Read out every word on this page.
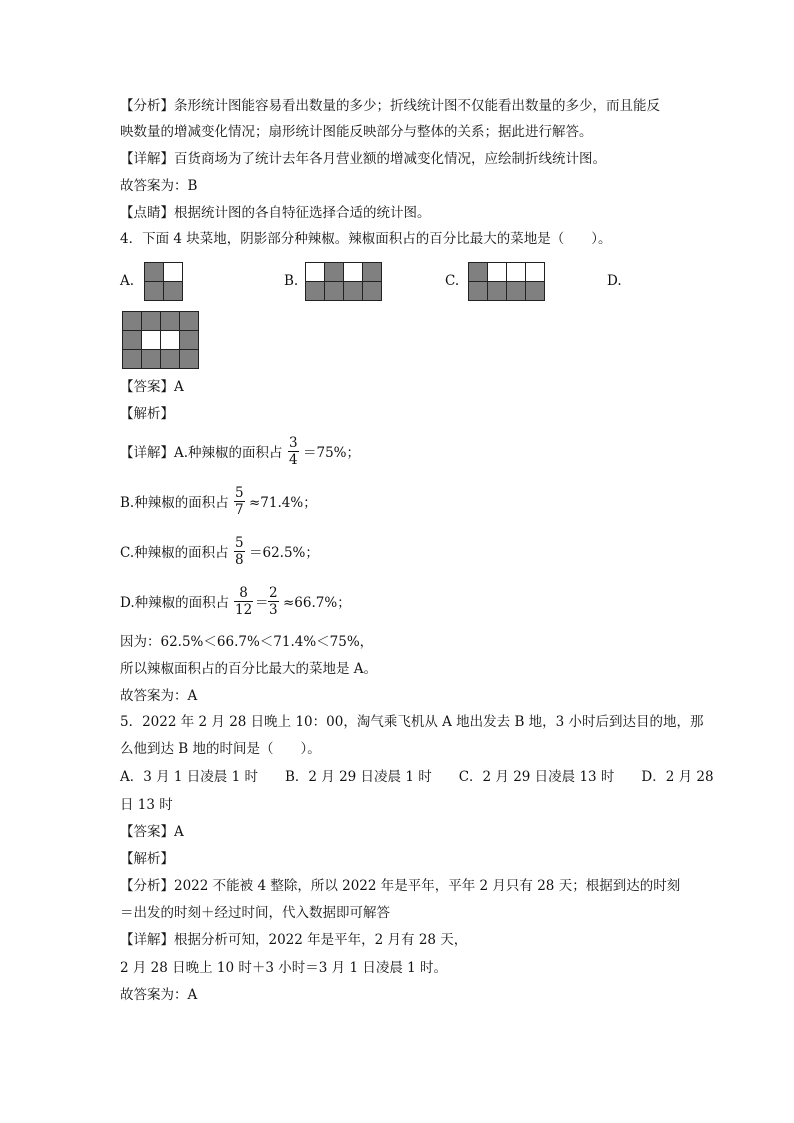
【分析】条形统计图能容易看出数量的多少；折线统计图不仅能看出数量的多少，而且能反
映数量的增减变化情况；扇形统计图能反映部分与整体的关系；据此进行解答。
【详解】百货商场为了统计去年各月营业额的增减变化情况，应绘制折线统计图。
故答案为：B
【点睛】根据统计图的各自特征选择合适的统计图。
4．下面 4 块菜地，阴影部分种辣椒。辣椒面积占的百分比最大的菜地是（　　）。
A.	B.	C.	D.
【答案】A
【解析】
【详解】A.种辣椒的面积占 $\frac{3}{4} =75\%$；
B.种辣椒的面积占 $\frac{5}{7} \approx 71.4\%$；
C.种辣椒的面积占 $\frac{5}{8} =62.5\%$；
D.种辣椒的面积占 $\frac{8}{12} = \frac{2}{3} \approx 66.7\%$；
因为：62.5%＜66.7%＜71.4%＜75%，
所以辣椒面积占的百分比最大的菜地是 A。
故答案为：A
5．2022 年 2 月 28 日晚上 10：00，淘气乘飞机从 A 地出发去 B 地，3 小时后到达目的地，那
么他到达 B 地的时间是（　　）。
A．3 月 1 日凌晨 1 时　　B．2 月 29 日凌晨 1 时　　C．2 月 29 日凌晨 13 时　　D．2 月 28
日 13 时
【答案】A
【解析】
【分析】2022 不能被 4 整除，所以 2022 年是平年，平年 2 月只有 28 天；根据到达的时刻
＝出发的时刻＋经过时间，代入数据即可解答
【详解】根据分析可知，2022 年是平年，2 月有 28 天，
2 月 28 日晚上 10 时＋3 小时＝3 月 1 日凌晨 1 时。
故答案为：A
